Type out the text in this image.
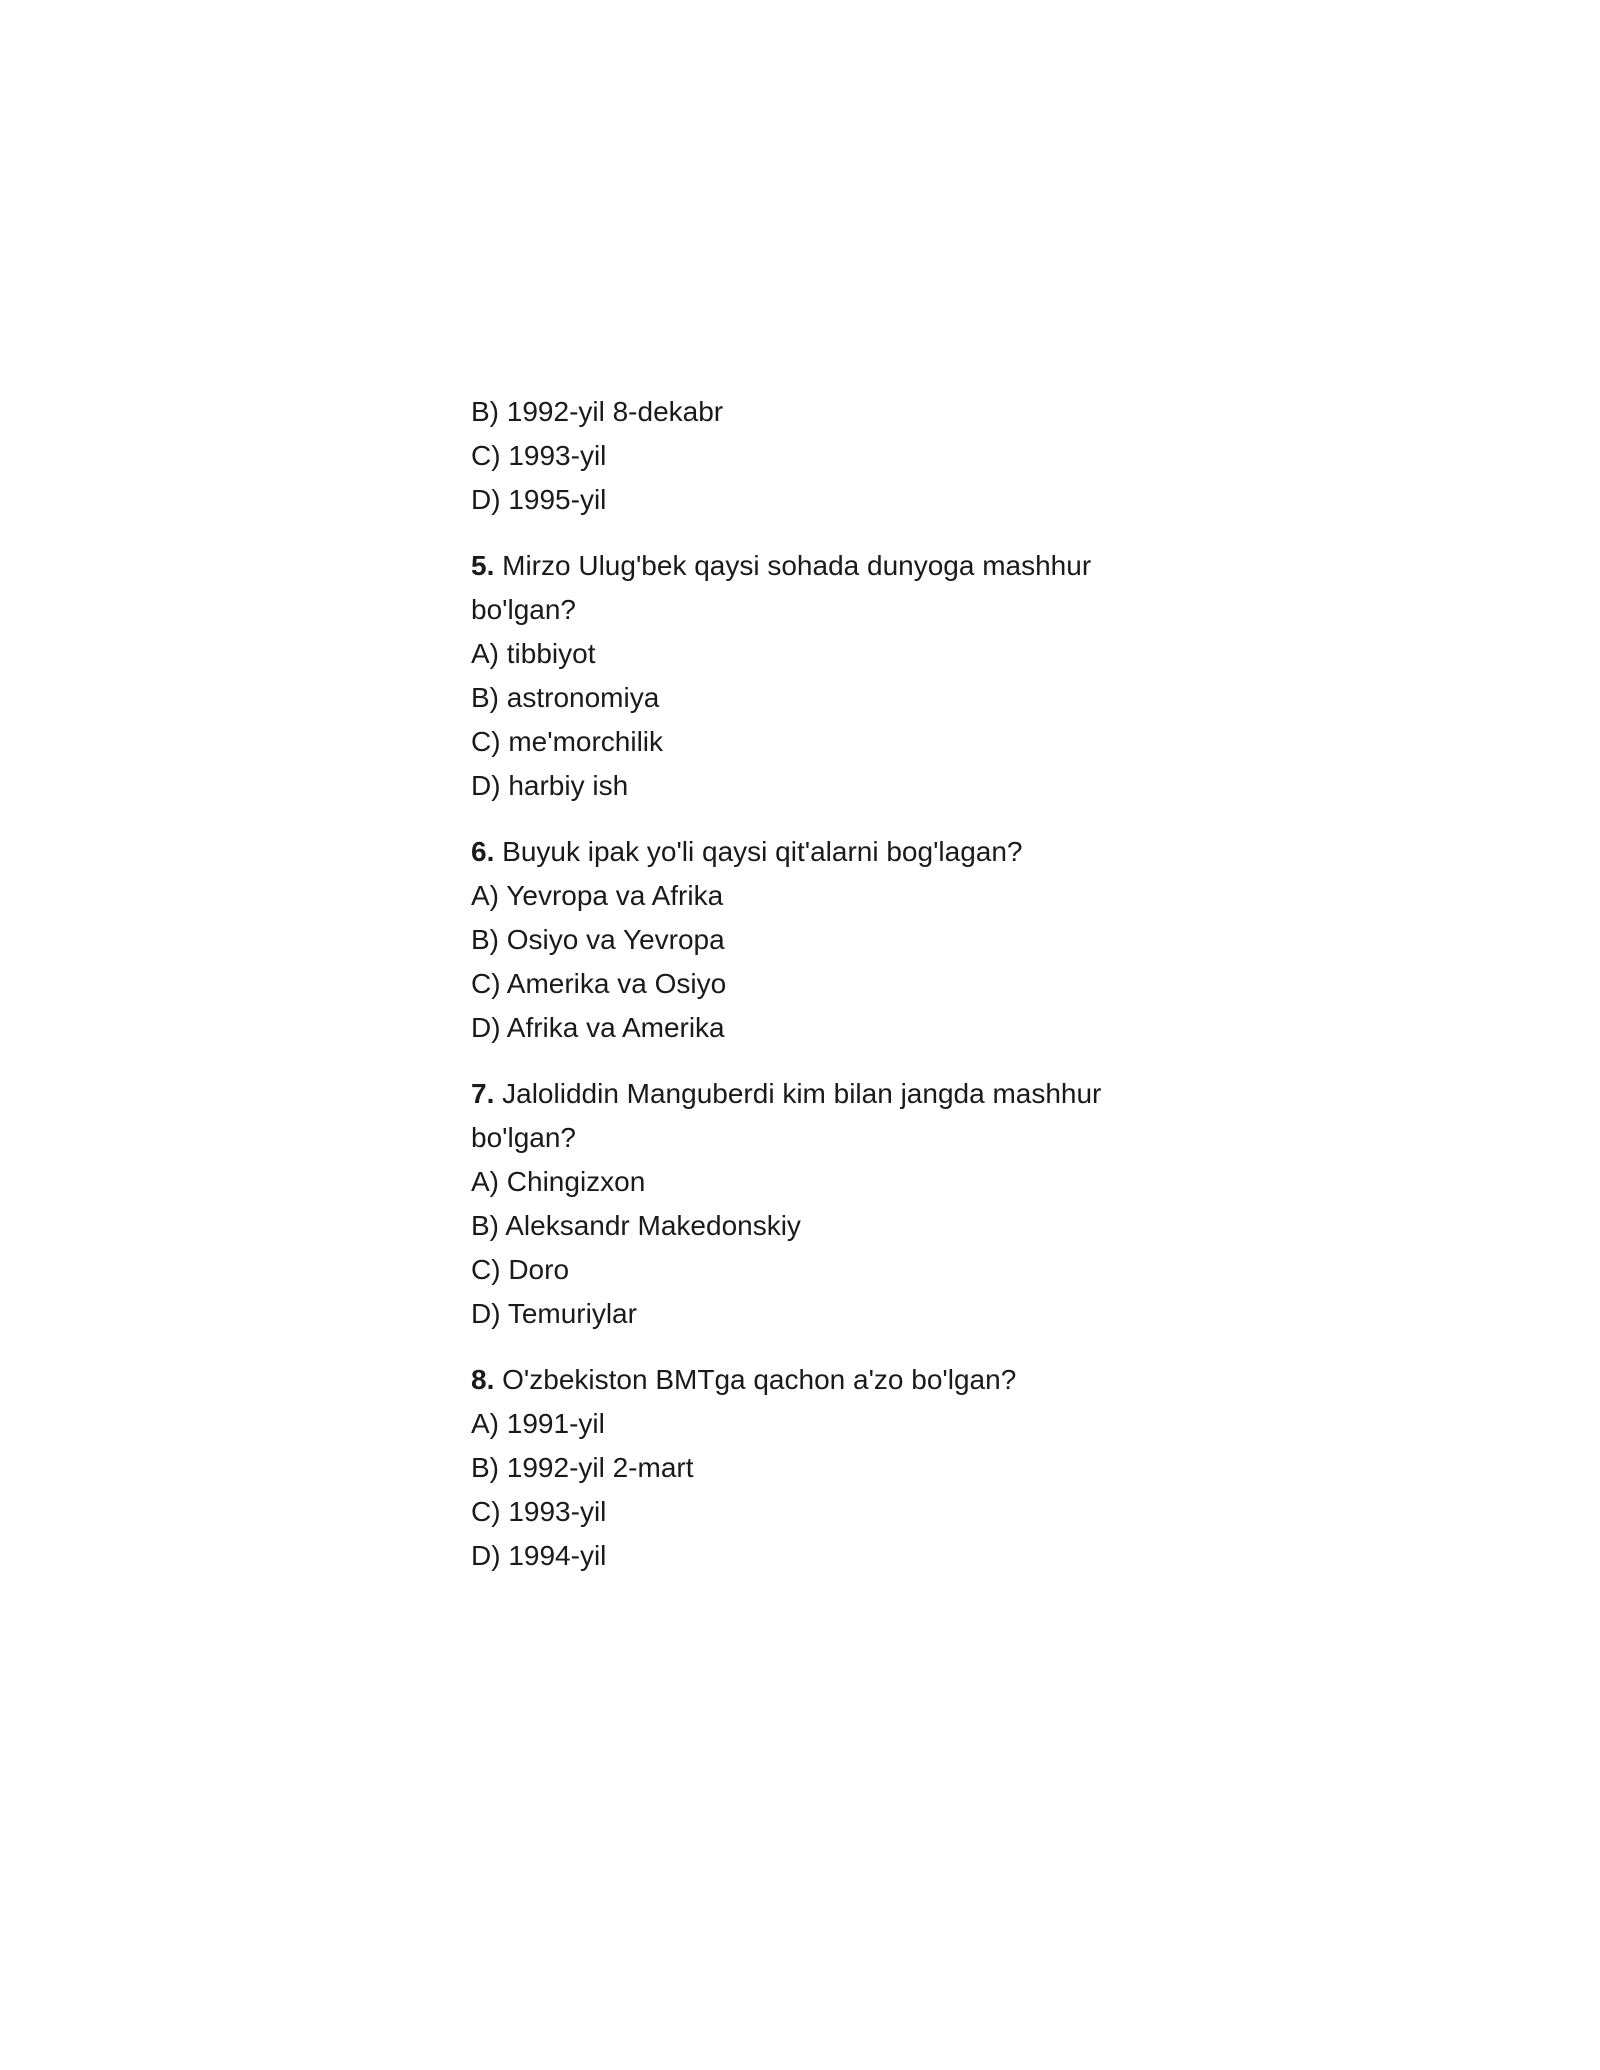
B) 1992-yil 8-dekabr
C) 1993-yil
D) 1995-yil
5. Mirzo Ulug'bek qaysi sohada dunyoga mashhur
bo'lgan?
A) tibbiyot
B) astronomiya
C) me'morchilik
D) harbiy ish
6. Buyuk ipak yo'li qaysi qit'alarni bog'lagan?
A) Yevropa va Afrika
B) Osiyo va Yevropa
C) Amerika va Osiyo
D) Afrika va Amerika
7. Jaloliddin Manguberdi kim bilan jangda mashhur
bo'lgan?
A) Chingizxon
B) Aleksandr Makedonskiy
C) Doro
D) Temuriylar
8. O'zbekiston BMTga qachon a'zo bo'lgan?
A) 1991-yil
B) 1992-yil 2-mart
C) 1993-yil
D) 1994-yil
